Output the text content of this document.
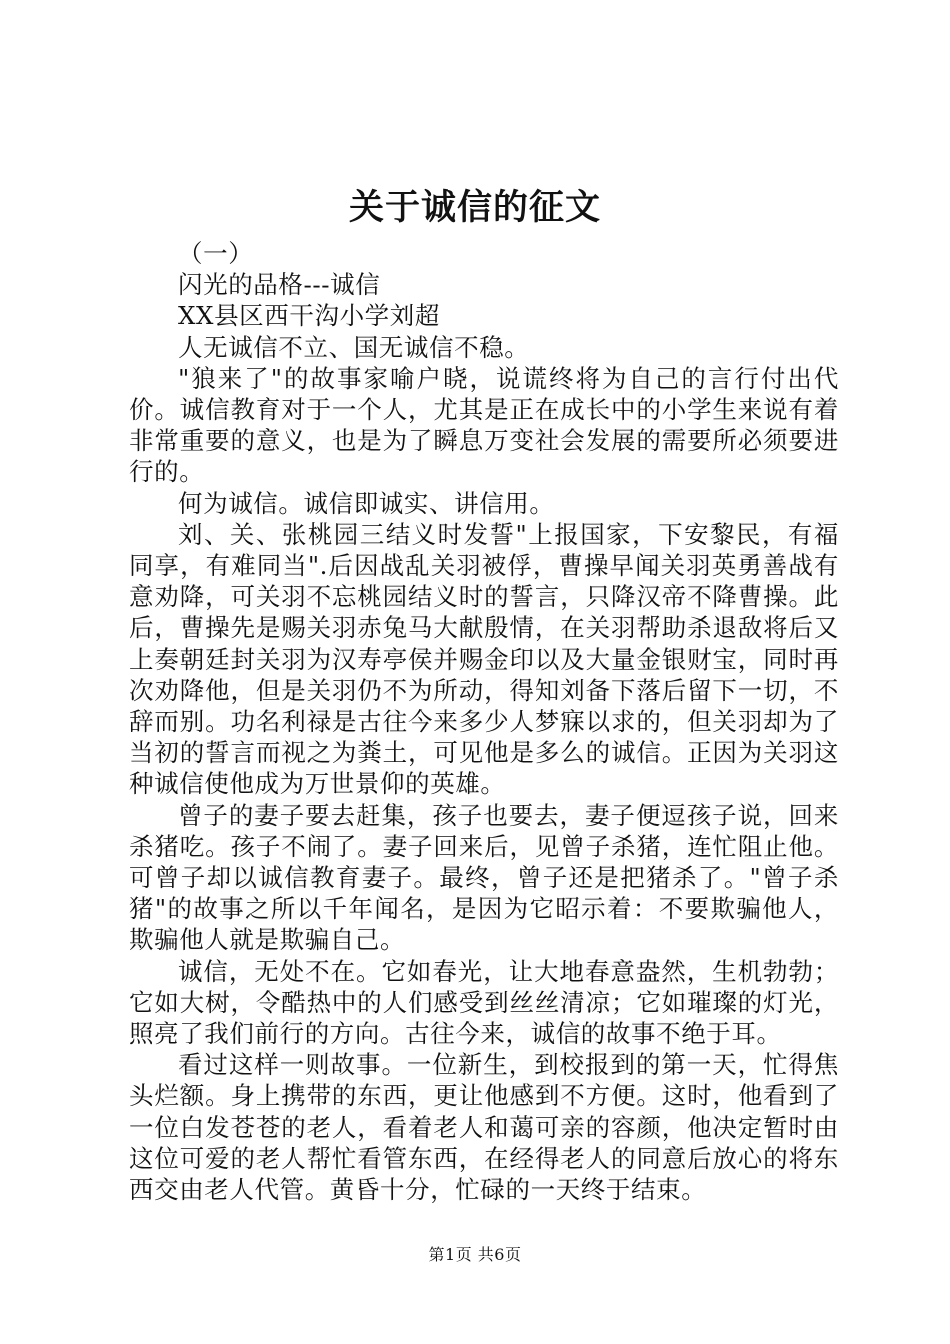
关于诚信的征文

（一）

闪光的品格---诚信

XX县区西干沟小学刘超

人无诚信不立、国无诚信不稳。

"狼来了"的故事家喻户晓，说谎终将为自己的言行付出代价。诚信教育对于一个人，尤其是正在成长中的小学生来说有着非常重要的意义，也是为了瞬息万变社会发展的需要所必须要进行的。

何为诚信。诚信即诚实、讲信用。

刘、关、张桃园三结义时发誓"上报国家，下安黎民，有福同享，有难同当".后因战乱关羽被俘，曹操早闻关羽英勇善战有意劝降，可关羽不忘桃园结义时的誓言，只降汉帝不降曹操。此后，曹操先是赐关羽赤兔马大献殷情，在关羽帮助杀退敌将后又上奏朝廷封关羽为汉寿亭侯并赐金印以及大量金银财宝，同时再次劝降他，但是关羽仍不为所动，得知刘备下落后留下一切，不辞而别。功名利禄是古往今来多少人梦寐以求的，但关羽却为了当初的誓言而视之为粪土，可见他是多么的诚信。正因为关羽这种诚信使他成为万世景仰的英雄。

曾子的妻子要去赶集，孩子也要去，妻子便逗孩子说，回来杀猪吃。孩子不闹了。妻子回来后，见曾子杀猪，连忙阻止他。可曾子却以诚信教育妻子。最终，曾子还是把猪杀了。"曾子杀猪"的故事之所以千年闻名，是因为它昭示着：不要欺骗他人，欺骗他人就是欺骗自己。

诚信，无处不在。它如春光，让大地春意盎然，生机勃勃；它如大树，令酷热中的人们感受到丝丝清凉；它如璀璨的灯光，照亮了我们前行的方向。古往今来，诚信的故事不绝于耳。

看过这样一则故事。一位新生，到校报到的第一天，忙得焦头烂额。身上携带的东西，更让他感到不方便。这时，他看到了一位白发苍苍的老人，看着老人和蔼可亲的容颜，他决定暂时由这位可爱的老人帮忙看管东西，在经得老人的同意后放心的将东西交由老人代管。黄昏十分，忙碌的一天终于结束。

第1页 共6页
